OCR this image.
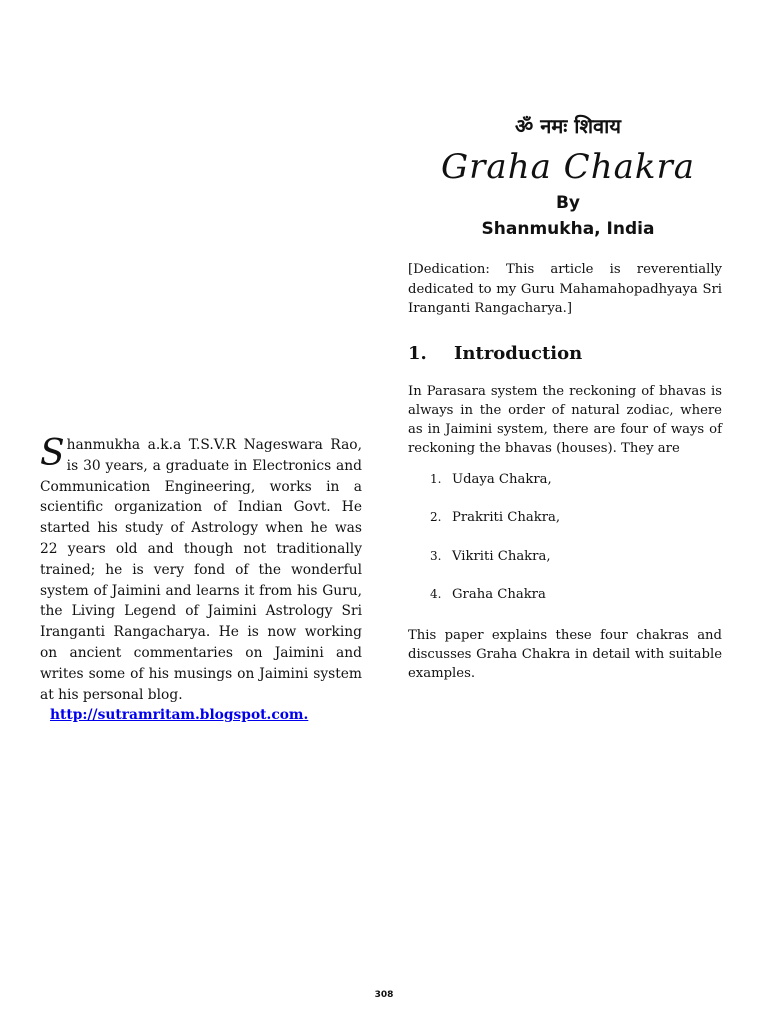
ॐ नमः शिवाय
Graha Chakra
By
Shanmukha, India
[Dedication: This article is reverentially dedicated to my Guru Mahamahopadhyaya Sri Iranganti Rangacharya.]
1.	Introduction
In Parasara system the reckoning of bhavas is always in the order of natural zodiac, where as in Jaimini system, there are four of ways of reckoning the bhavas (houses). They are
1. Udaya Chakra,
2. Prakriti Chakra,
3. Vikriti Chakra,
4. Graha Chakra
This paper explains these four chakras and discusses Graha Chakra in detail with suitable examples.
S hanmukha a.k.a T.S.V.R Nageswara Rao, is 30 years, a graduate in Electronics and Communication Engineering, works in a scientific organization of Indian Govt. He started his study of Astrology when he was 22 years old and though not traditionally trained; he is very fond of the wonderful system of Jaimini and learns it from his Guru, the Living Legend of Jaimini Astrology Sri Iranganti Rangacharya. He is now working on ancient commentaries on Jaimini and writes some of his musings on Jaimini system at his personal blog.
http://sutramritam.blogspot.com.
308
